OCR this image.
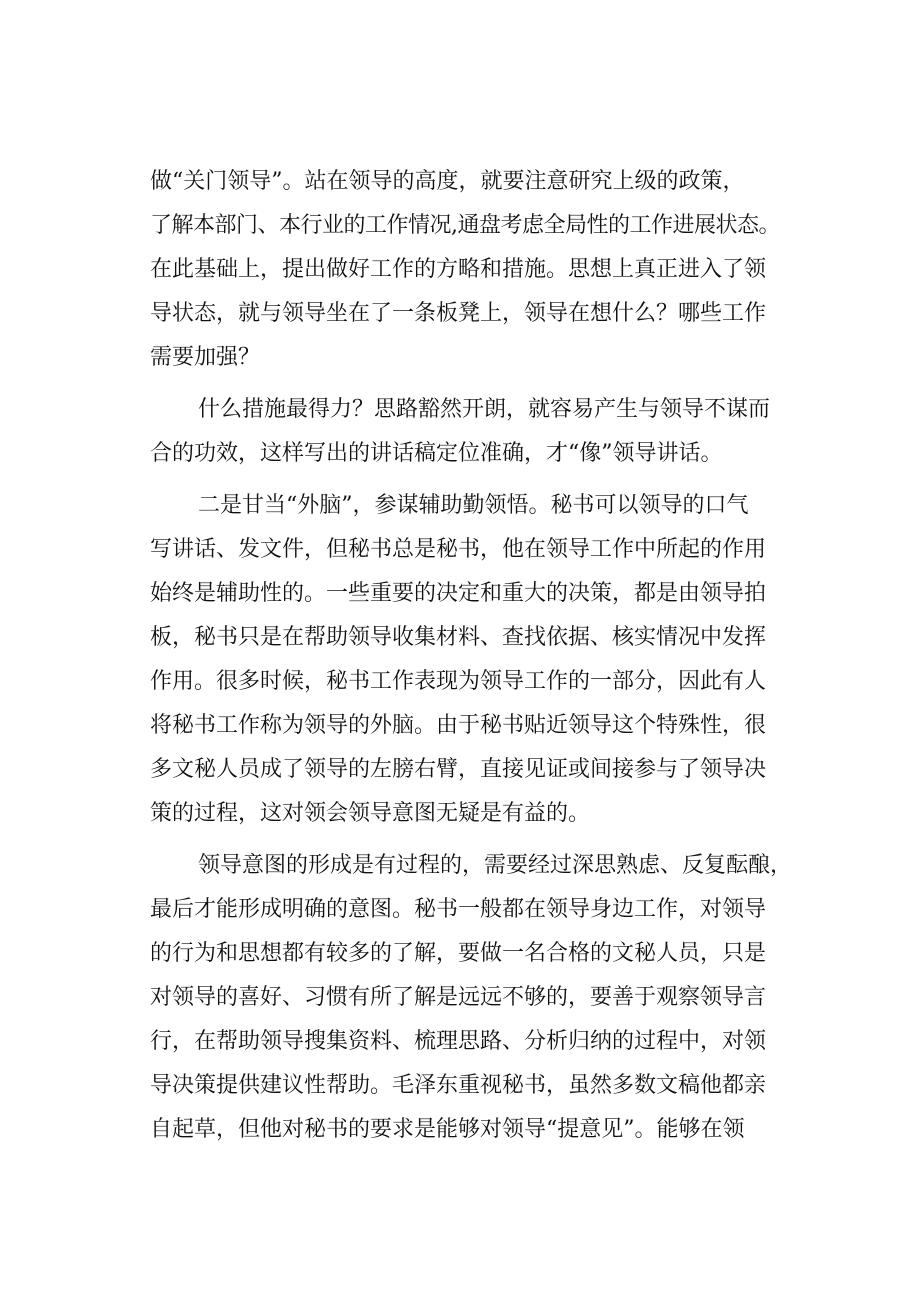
做“关门领导”。站在领导的高度，就要注意研究上级的政策，
了解本部门、本行业的工作情况,通盘考虑全局性的工作进展状态。
在此基础上，提出做好工作的方略和措施。思想上真正进入了领
导状态，就与领导坐在了一条板凳上，领导在想什么？哪些工作
需要加强？
什么措施最得力？思路豁然开朗，就容易产生与领导不谋而
合的功效，这样写出的讲话稿定位准确，才“像”领导讲话。
二是甘当“外脑”，参谋辅助勤领悟。秘书可以领导的口气
写讲话、发文件，但秘书总是秘书，他在领导工作中所起的作用
始终是辅助性的。一些重要的决定和重大的决策，都是由领导拍
板，秘书只是在帮助领导收集材料、查找依据、核实情况中发挥
作用。很多时候，秘书工作表现为领导工作的一部分，因此有人
将秘书工作称为领导的外脑。由于秘书贴近领导这个特殊性，很
多文秘人员成了领导的左膀右臂，直接见证或间接参与了领导决
策的过程，这对领会领导意图无疑是有益的。
领导意图的形成是有过程的，需要经过深思熟虑、反复酝酿，
最后才能形成明确的意图。秘书一般都在领导身边工作，对领导
的行为和思想都有较多的了解，要做一名合格的文秘人员，只是
对领导的喜好、习惯有所了解是远远不够的，要善于观察领导言
行，在帮助领导搜集资料、梳理思路、分析归纳的过程中，对领
导决策提供建议性帮助。毛泽东重视秘书，虽然多数文稿他都亲
自起草，但他对秘书的要求是能够对领导“提意见”。能够在领
